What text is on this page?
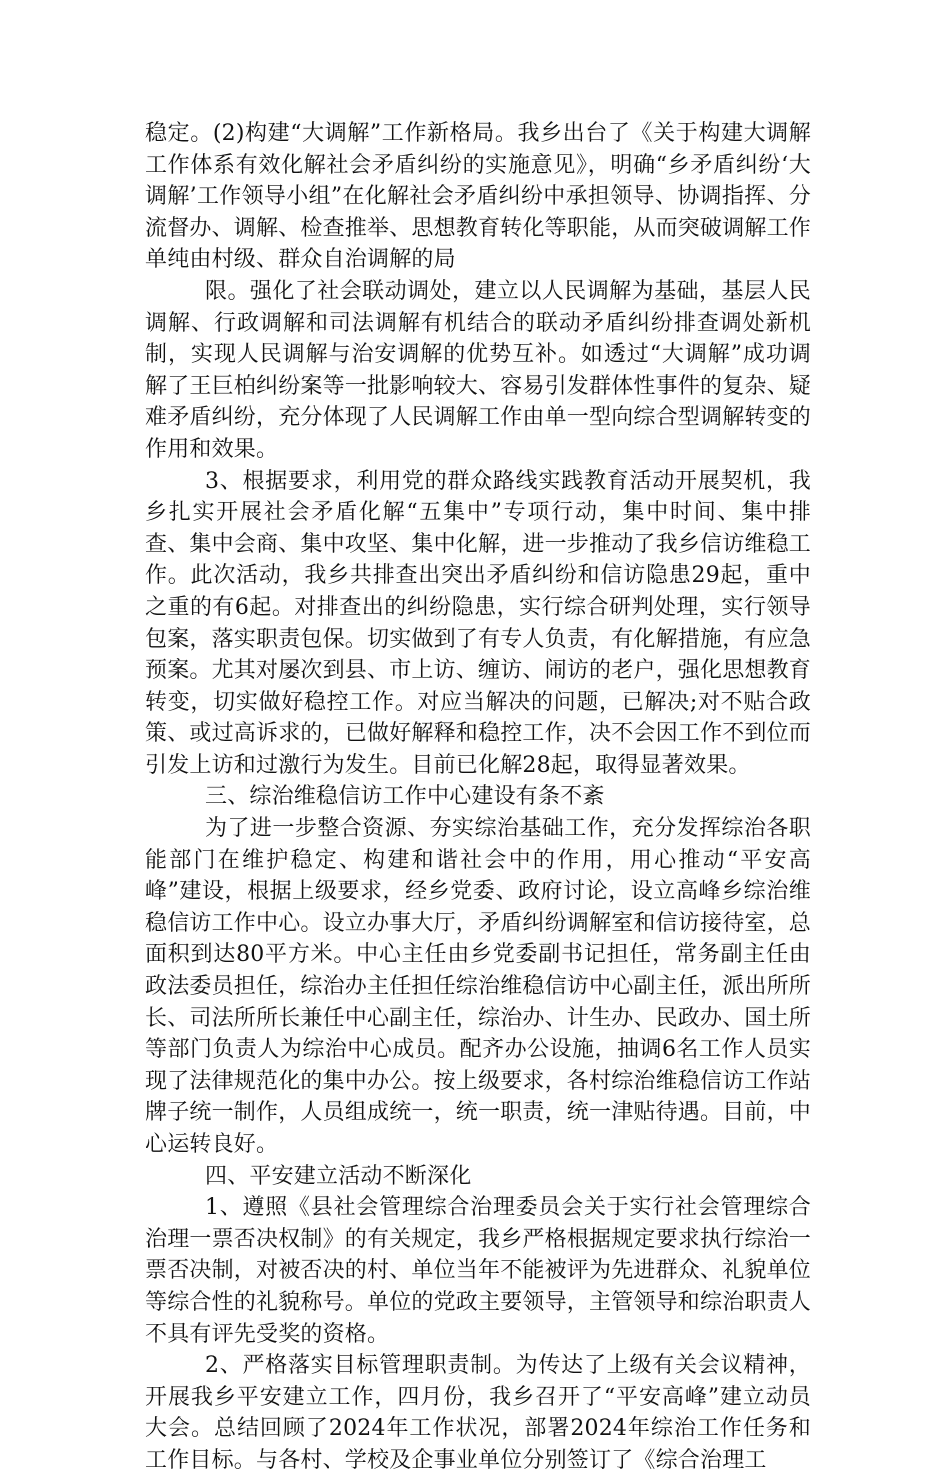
稳定。(2)构建“大调解”工作新格局。我乡出台了《关于构建大调解工作体系有效化解社会矛盾纠纷的实施意见》，明确“乡矛盾纠纷‘大调解’工作领导小组”在化解社会矛盾纠纷中承担领导、协调指挥、分流督办、调解、检查推举、思想教育转化等职能，从而突破调解工作单纯由村级、群众自治调解的局

限。强化了社会联动调处，建立以人民调解为基础，基层人民调解、行政调解和司法调解有机结合的联动矛盾纠纷排查调处新机制，实现人民调解与治安调解的优势互补。如透过“大调解”成功调解了王巨柏纠纷案等一批影响较大、容易引发群体性事件的复杂、疑难矛盾纠纷，充分体现了人民调解工作由单一型向综合型调解转变的作用和效果。

3、根据要求，利用党的群众路线实践教育活动开展契机，我乡扎实开展社会矛盾化解“五集中”专项行动，集中时间、集中排查、集中会商、集中攻坚、集中化解，进一步推动了我乡信访维稳工作。此次活动，我乡共排查出突出矛盾纠纷和信访隐患29起，重中之重的有6起。对排查出的纠纷隐患，实行综合研判处理，实行领导包案，落实职责包保。切实做到了有专人负责，有化解措施，有应急预案。尤其对屡次到县、市上访、缠访、闹访的老户，强化思想教育转变，切实做好稳控工作。对应当解决的问题，已解决;对不贴合政策、或过高诉求的，已做好解释和稳控工作，决不会因工作不到位而引发上访和过激行为发生。目前已化解28起，取得显著效果。

三、综治维稳信访工作中心建设有条不紊

为了进一步整合资源、夯实综治基础工作，充分发挥综治各职能部门在维护稳定、构建和谐社会中的作用，用心推动“平安高峰”建设，根据上级要求，经乡党委、政府讨论，设立高峰乡综治维稳信访工作中心。设立办事大厅，矛盾纠纷调解室和信访接待室，总面积到达80平方米。中心主任由乡党委副书记担任，常务副主任由政法委员担任，综治办主任担任综治维稳信访中心副主任，派出所所长、司法所所长兼任中心副主任，综治办、计生办、民政办、国土所等部门负责人为综治中心成员。配齐办公设施，抽调6名工作人员实现了法律规范化的集中办公。按上级要求，各村综治维稳信访工作站牌子统一制作，人员组成统一，统一职责，统一津贴待遇。目前，中心运转良好。

四、平安建立活动不断深化

1、遵照《县社会管理综合治理委员会关于实行社会管理综合治理一票否决权制》的有关规定，我乡严格根据规定要求执行综治一票否决制，对被否决的村、单位当年不能被评为先进群众、礼貌单位等综合性的礼貌称号。单位的党政主要领导，主管领导和综治职责人不具有评先受奖的资格。

2、严格落实目标管理职责制。为传达了上级有关会议精神，开展我乡平安建立工作，四月份，我乡召开了“平安高峰”建立动员大会。总结回顾了2024年工作状况，部署2024年综治工作任务和工作目标。与各村、学校及企事业单位分别签订了《综合治理工
